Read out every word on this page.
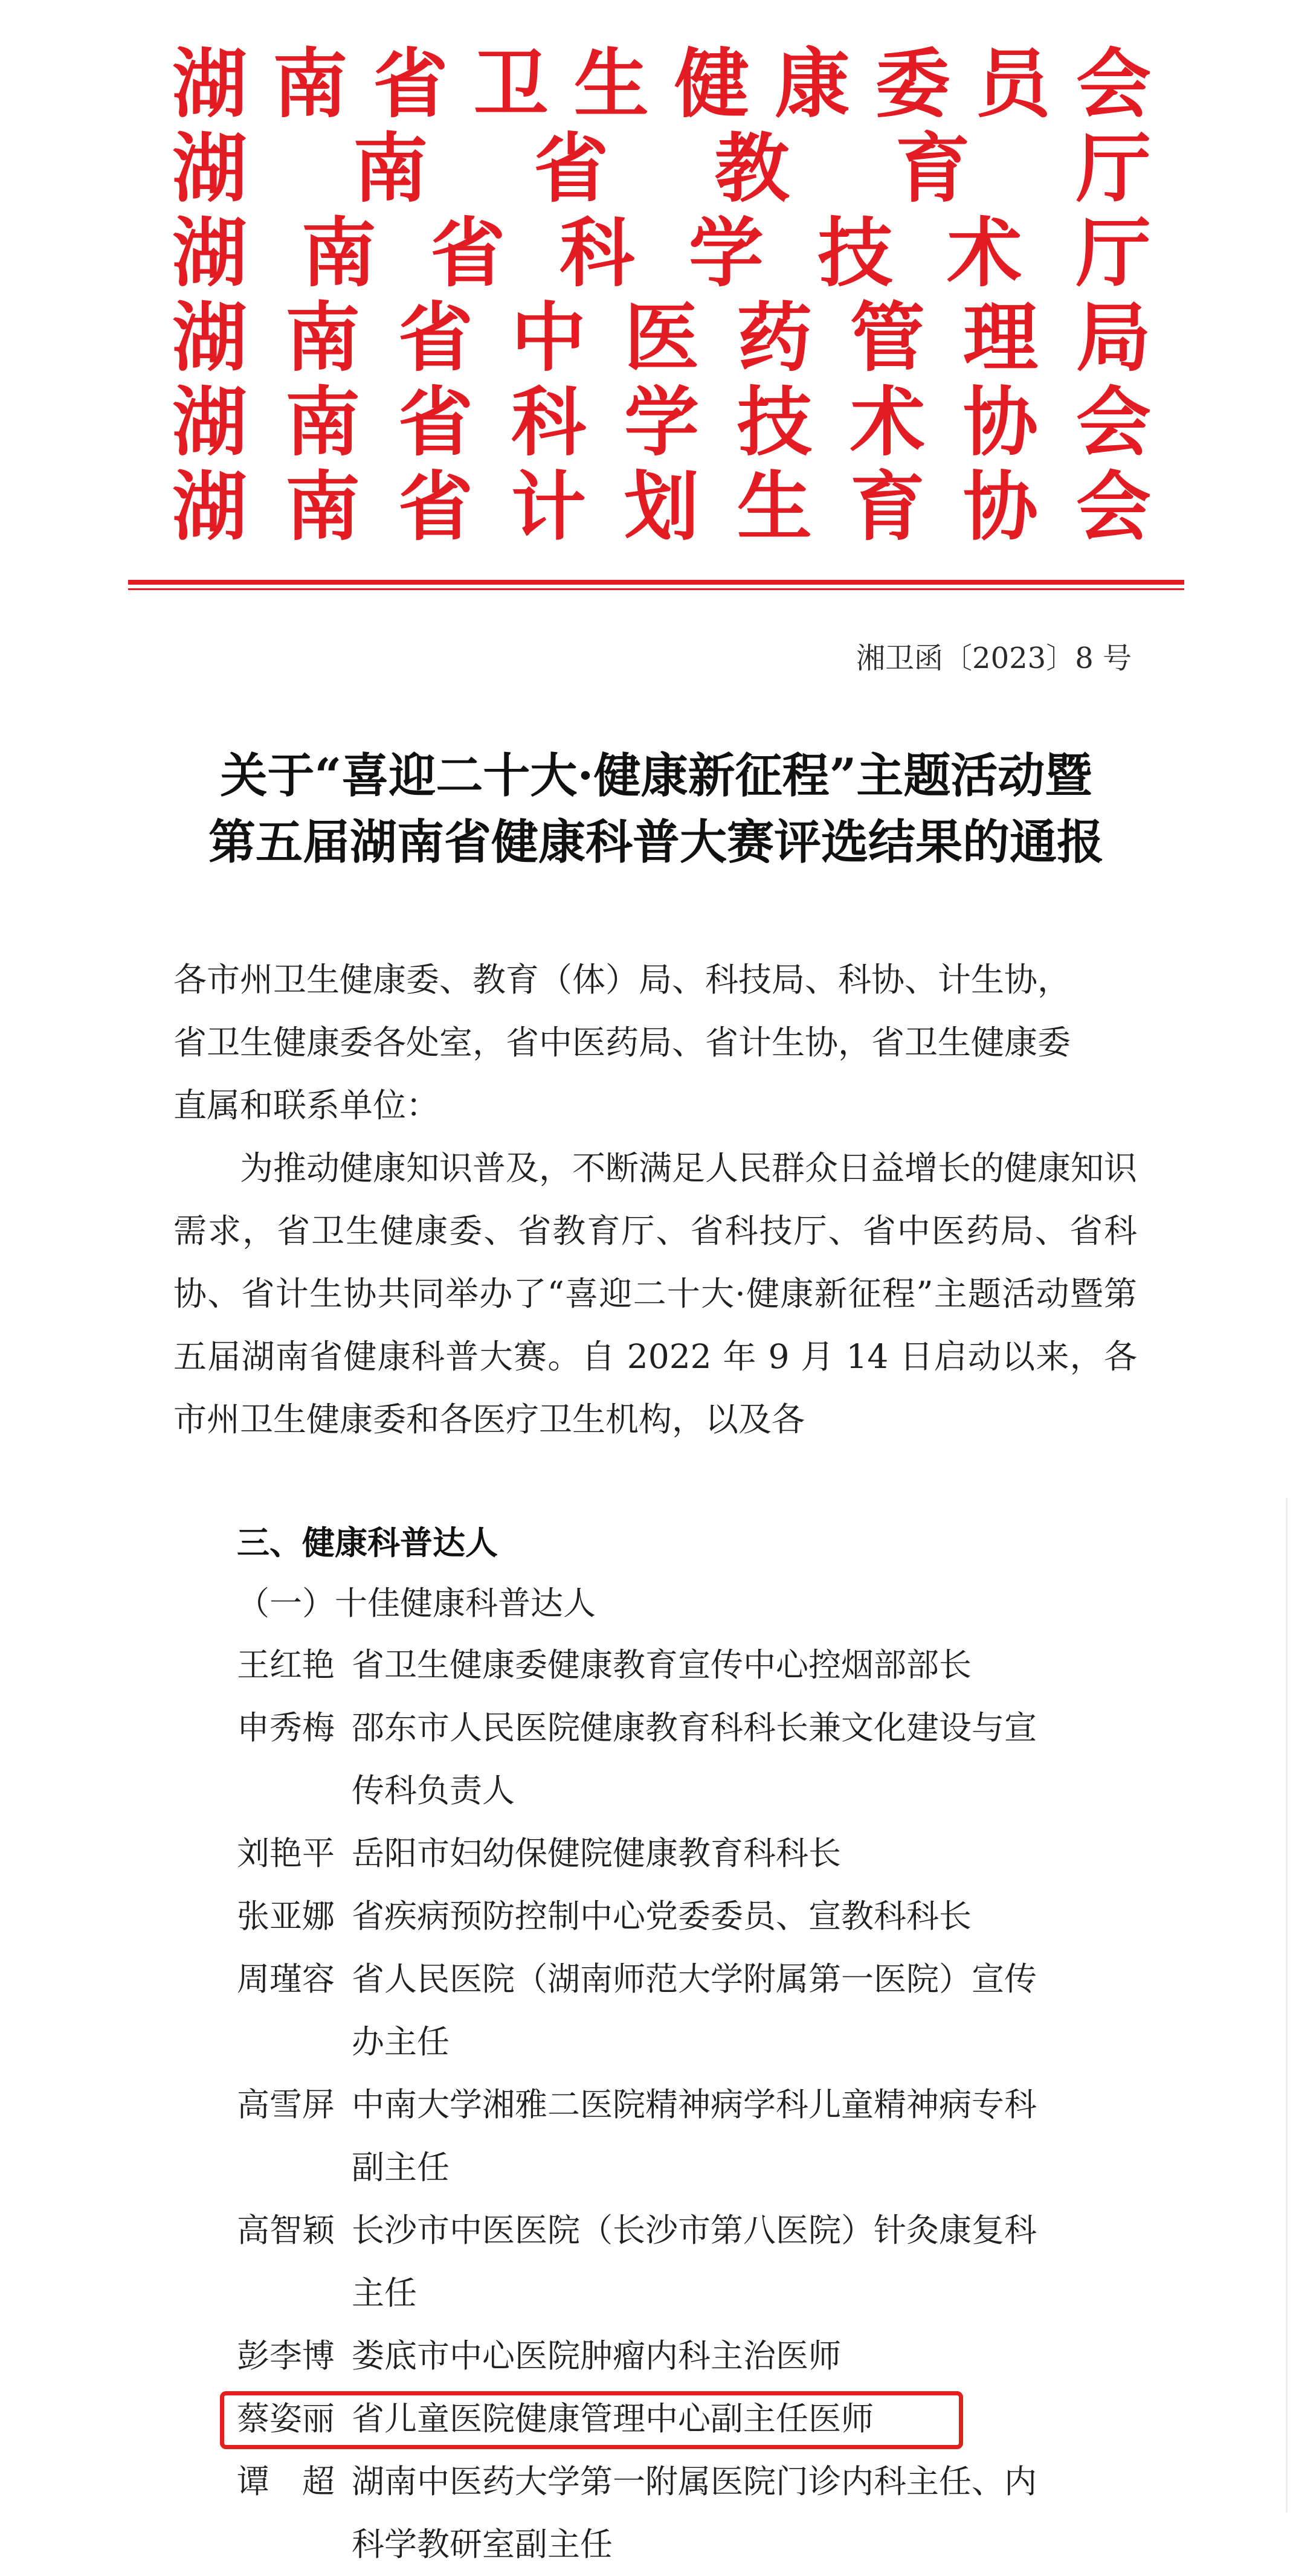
湖 南 省 卫 生 健 康 委 员 会
湖 南 省 教 育 厅
湖 南 省 科 学 技 术 厅
湖 南 省 中 医 药 管 理 局
湖 南 省 科 学 技 术 协 会
湖 南 省 计 划 生 育 协 会
湘卫函〔2023〕8 号
关于“喜迎二十大·健康新征程”主题活动暨
第五届湖南省健康科普大赛评选结果的通报

各市州卫生健康委、教育（体）局、科技局、科协、计生协，

省卫生健康委各处室，省中医药局、省计生协，省卫生健康委

直属和联系单位：

为推动健康知识普及，不断满足人民群众日益增长的健康知识需求，省卫生健康委、省教育厅、省科技厅、省中医药局、省科协、省计生协共同举办了“喜迎二十大·健康新征程”主题活动暨第五届湖南省健康科普大赛。自 2022 年 9 月 14 日启动以来，各市州卫生健康委和各医疗卫生机构，以及各

三、健康科普达人
（一）十佳健康科普达人
王红艳 省卫生健康委健康教育宣传中心控烟部部长
申秀梅 邵东市人民医院健康教育科科长兼文化建设与宣传科负责人
刘艳平 岳阳市妇幼保健院健康教育科科长
张亚娜 省疾病预防控制中心党委委员、宣教科科长
周瑾容 省人民医院（湖南师范大学附属第一医院）宣传办主任
高雪屏 中南大学湘雅二医院精神病学科儿童精神病专科副主任
高智颖 长沙市中医医院（长沙市第八医院）针灸康复科主任
彭李博 娄底市中心医院肿瘤内科主治医师
蔡姿丽 省儿童医院健康管理中心副主任医师
谭　超 湖南中医药大学第一附属医院门诊内科主任、内科学教研室副主任
